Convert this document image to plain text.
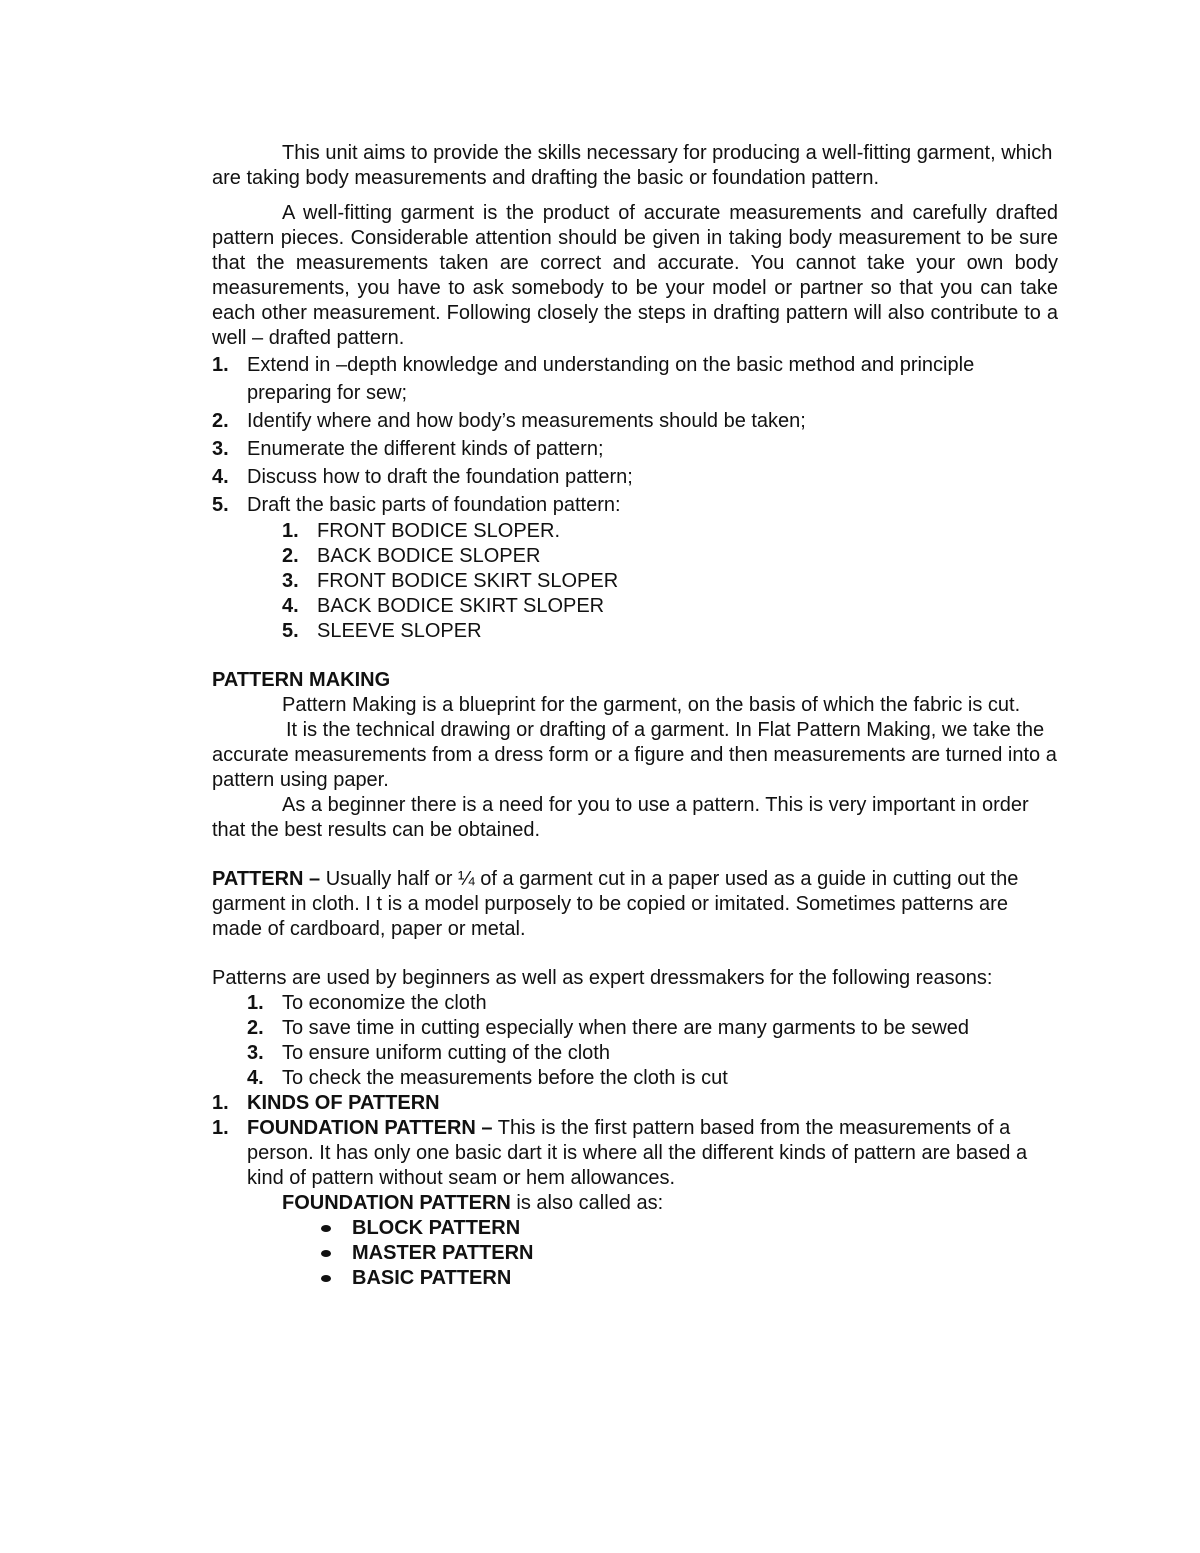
This unit aims to provide the skills necessary for producing a well-fitting garment, which are taking body measurements and drafting the basic or foundation pattern.

A well-fitting garment is the product of accurate measurements and carefully drafted pattern pieces. Considerable attention should be given in taking body measurement to be sure that the measurements taken are correct and accurate. You cannot take your own body measurements, you have to ask somebody to be your model or partner so that you can take each other measurement. Following closely the steps in drafting pattern will also contribute to a well – drafted pattern.

1. Extend in –depth knowledge and understanding on the basic method and principle preparing for sew;
2. Identify where and how body’s measurements should be taken;
3. Enumerate the different kinds of pattern;
4. Discuss how to draft the foundation pattern;
5. Draft the basic parts of foundation pattern:
1. FRONT BODICE SLOPER.
2. BACK BODICE SLOPER
3. FRONT BODICE SKIRT SLOPER
4. BACK BODICE SKIRT SLOPER
5. SLEEVE SLOPER

PATTERN MAKING

Pattern Making is a blueprint for the garment, on the basis of which the fabric is cut.It is the technical drawing or drafting of a garment. In Flat Pattern Making, we take the accurate measurements from a dress form or a figure and then measurements are turned into a pattern using paper.

As a beginner there is a need for you to use a pattern. This is very important in order that the best results can be obtained.

PATTERN – Usually half or ¼ of a garment cut in a paper used as a guide in cutting out the garment in cloth. I t is a model purposely to be copied or imitated. Sometimes patterns are made of cardboard, paper or metal.

Patterns are used by beginners as well as expert dressmakers for the following reasons:

1. To economize the cloth
2. To save time in cutting especially when there are many garments to be sewed
3. To ensure uniform cutting of the cloth
4. To check the measurements before the cloth is cut
1. KINDS OF PATTERN
1. FOUNDATION PATTERN – This is the first pattern based from the measurements of a person. It has only one basic dart it is where all the different kinds of pattern are based a kind of pattern without seam or hem allowances.

FOUNDATION PATTERN is also called as:

BLOCK PATTERN
MASTER PATTERN
BASIC PATTERN
